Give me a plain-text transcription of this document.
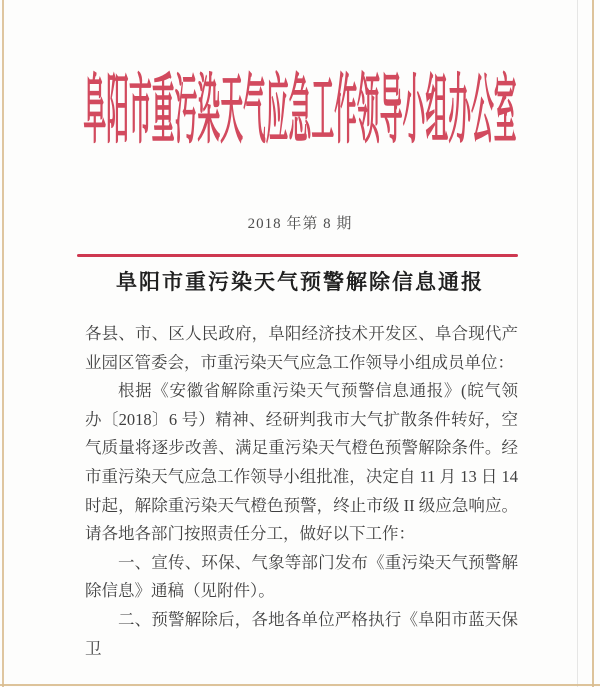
阜阳市重污染天气应急工作领导小组办公室
2018 年第 8 期
阜阳市重污染天气预警解除信息通报

各县、市、区人民政府，阜阳经济技术开发区、阜合现代产业园区管委会，市重污染天气应急工作领导小组成员单位：

根据《安徽省解除重污染天气预警信息通报》(皖气领办〔2018〕6 号）精神、经研判我市大气扩散条件转好，空气质量将逐步改善、满足重污染天气橙色预警解除条件。经市重污染天气应急工作领导小组批准，决定自 11 月 13 日 14 时起，解除重污染天气橙色预警，终止市级 II 级应急响应。请各地各部门按照责任分工，做好以下工作：

一、宣传、环保、气象等部门发布《重污染天气预警解除信息》通稿（见附件）。

二、预警解除后，各地各单位严格执行《阜阳市蓝天保卫
